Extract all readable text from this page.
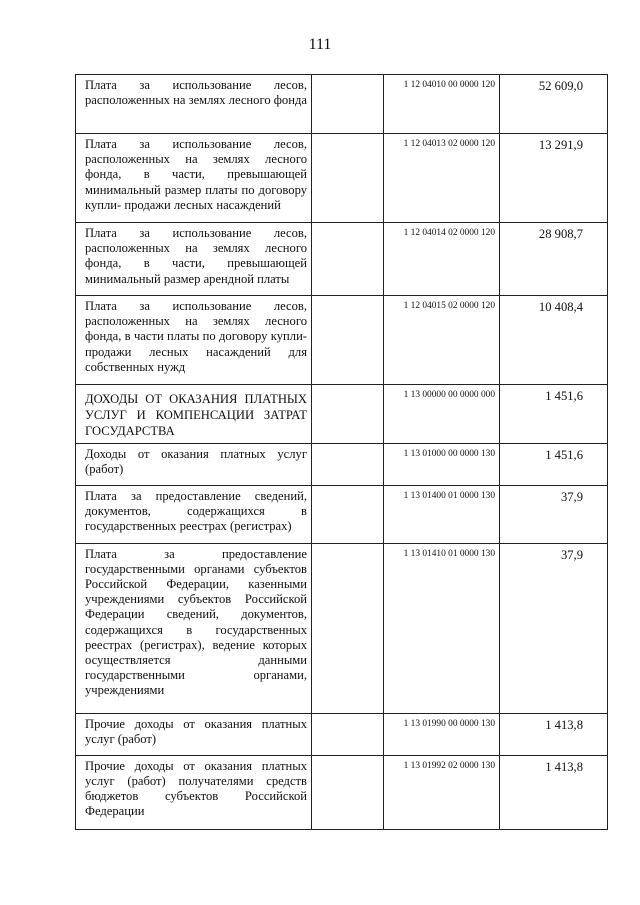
111
Плата за использование лесов, расположенных на землях лесного фонда		1 12 04010 00 0000 120	52 609,0
Плата за использование лесов, расположенных на землях лесного фонда, в части, превышающей минимальный размер платы по договору купли- продажи лесных насаждений		1 12 04013 02 0000 120	13 291,9
Плата за использование лесов, расположенных на землях лесного фонда, в части, превышающей минимальный размер арендной платы		1 12 04014 02 0000 120	28 908,7
Плата за использование лесов, расположенных на землях лесного фонда, в части платы по договору купли-продажи лесных насаждений для собственных нужд		1 12 04015 02 0000 120	10 408,4
ДОХОДЫ ОТ ОКАЗАНИЯ ПЛАТНЫХ УСЛУГ И КОМПЕНСАЦИИ ЗАТРАТ ГОСУДАРСТВА		1 13 00000 00 0000 000	1 451,6
Доходы от оказания платных услуг (работ)		1 13 01000 00 0000 130	1 451,6
Плата за предоставление сведений, документов, содержащихся в государственных реестрах (регистрах)		1 13 01400 01 0000 130	37,9
Плата за предоставление государственными органами субъектов Российской Федерации, казенными учреждениями субъектов Российской Федерации сведений, документов, содержащихся в государственных реестрах (регистрах), ведение которых осуществляется данными государственными органами, учреждениями		1 13 01410 01 0000 130	37,9
Прочие доходы от оказания платных услуг (работ)		1 13 01990 00 0000 130	1 413,8
Прочие доходы от оказания платных услуг (работ) получателями средств бюджетов субъектов Российской Федерации		1 13 01992 02 0000 130	1 413,8
